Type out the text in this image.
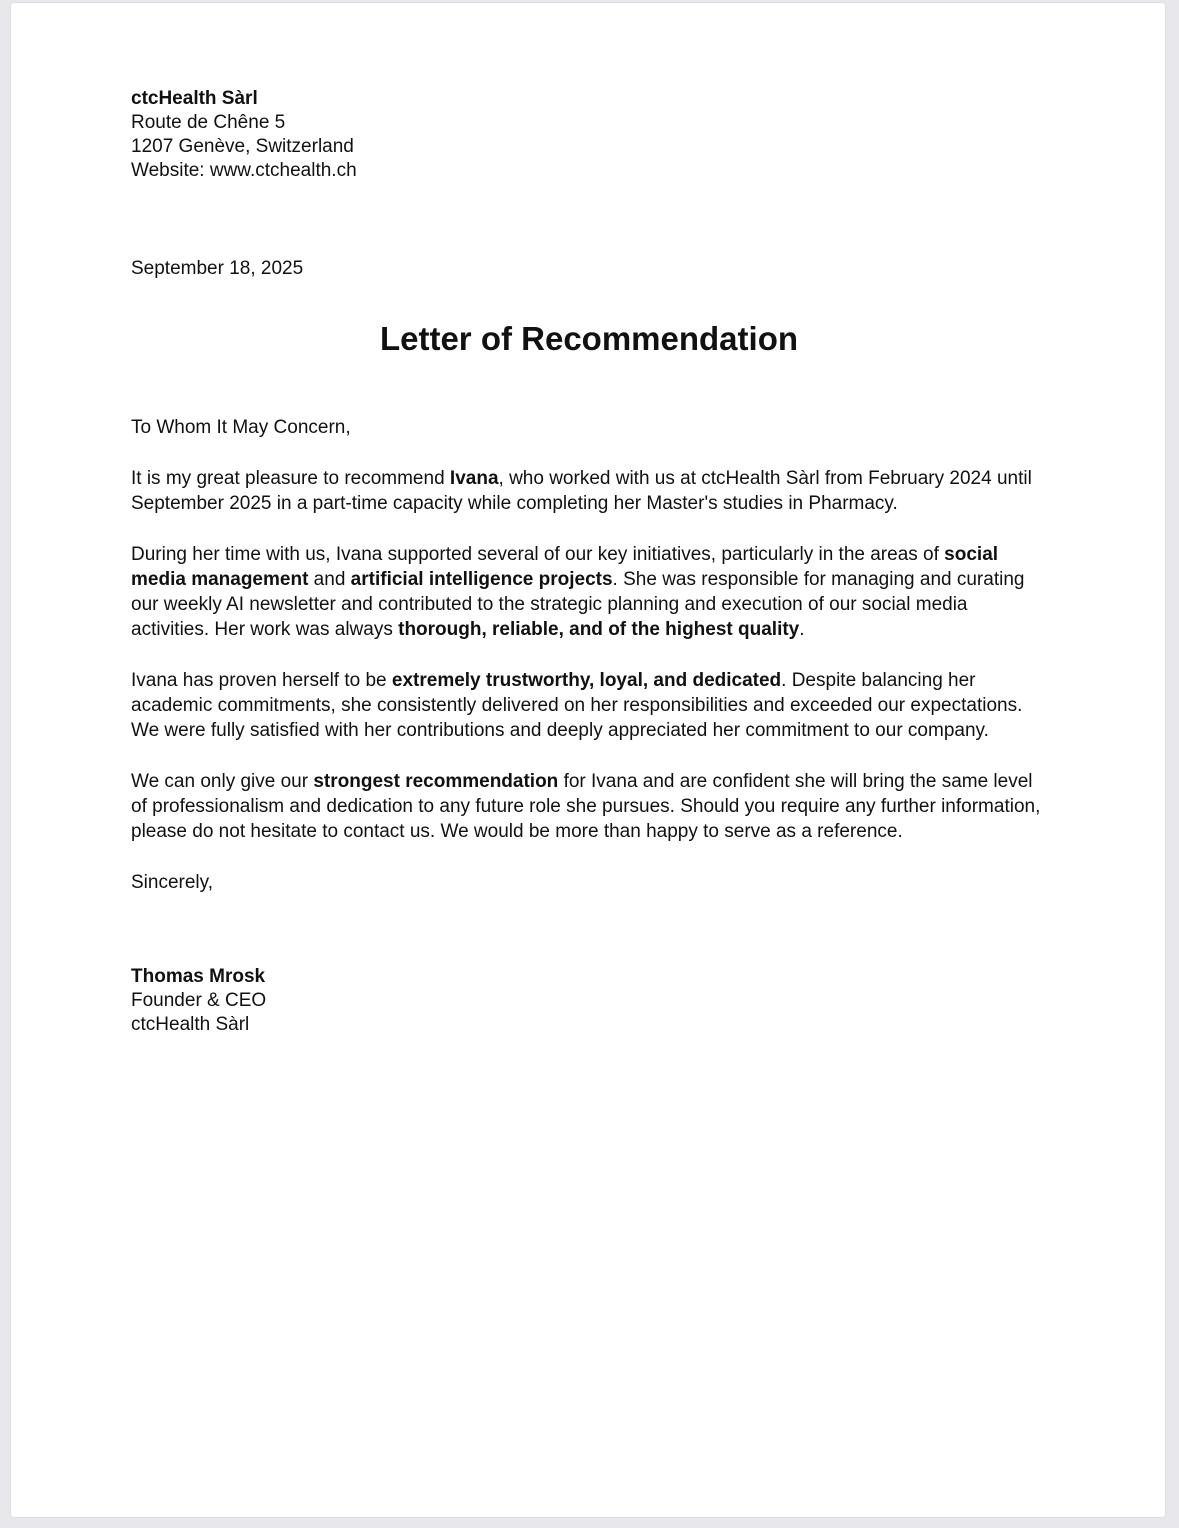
ctcHealth Sàrl
Route de Chêne 5
1207 Genève, Switzerland
Website: www.ctchealth.ch
September 18, 2025
Letter of Recommendation
To Whom It May Concern,

It is my great pleasure to recommend Ivana, who worked with us at ctcHealth Sàrl from February 2024 until September 2025 in a part-time capacity while completing her Master's studies in Pharmacy.

During her time with us, Ivana supported several of our key initiatives, particularly in the areas of social media management and artificial intelligence projects. She was responsible for managing and curating our weekly AI newsletter and contributed to the strategic planning and execution of our social media activities. Her work was always thorough, reliable, and of the highest quality.

Ivana has proven herself to be extremely trustworthy, loyal, and dedicated. Despite balancing her academic commitments, she consistently delivered on her responsibilities and exceeded our expectations. We were fully satisfied with her contributions and deeply appreciated her commitment to our company.

We can only give our strongest recommendation for Ivana and are confident she will bring the same level of professionalism and dedication to any future role she pursues. Should you require any further information, please do not hesitate to contact us. We would be more than happy to serve as a reference.

Sincerely,
Thomas Mrosk
Founder & CEO
ctcHealth Sàrl
